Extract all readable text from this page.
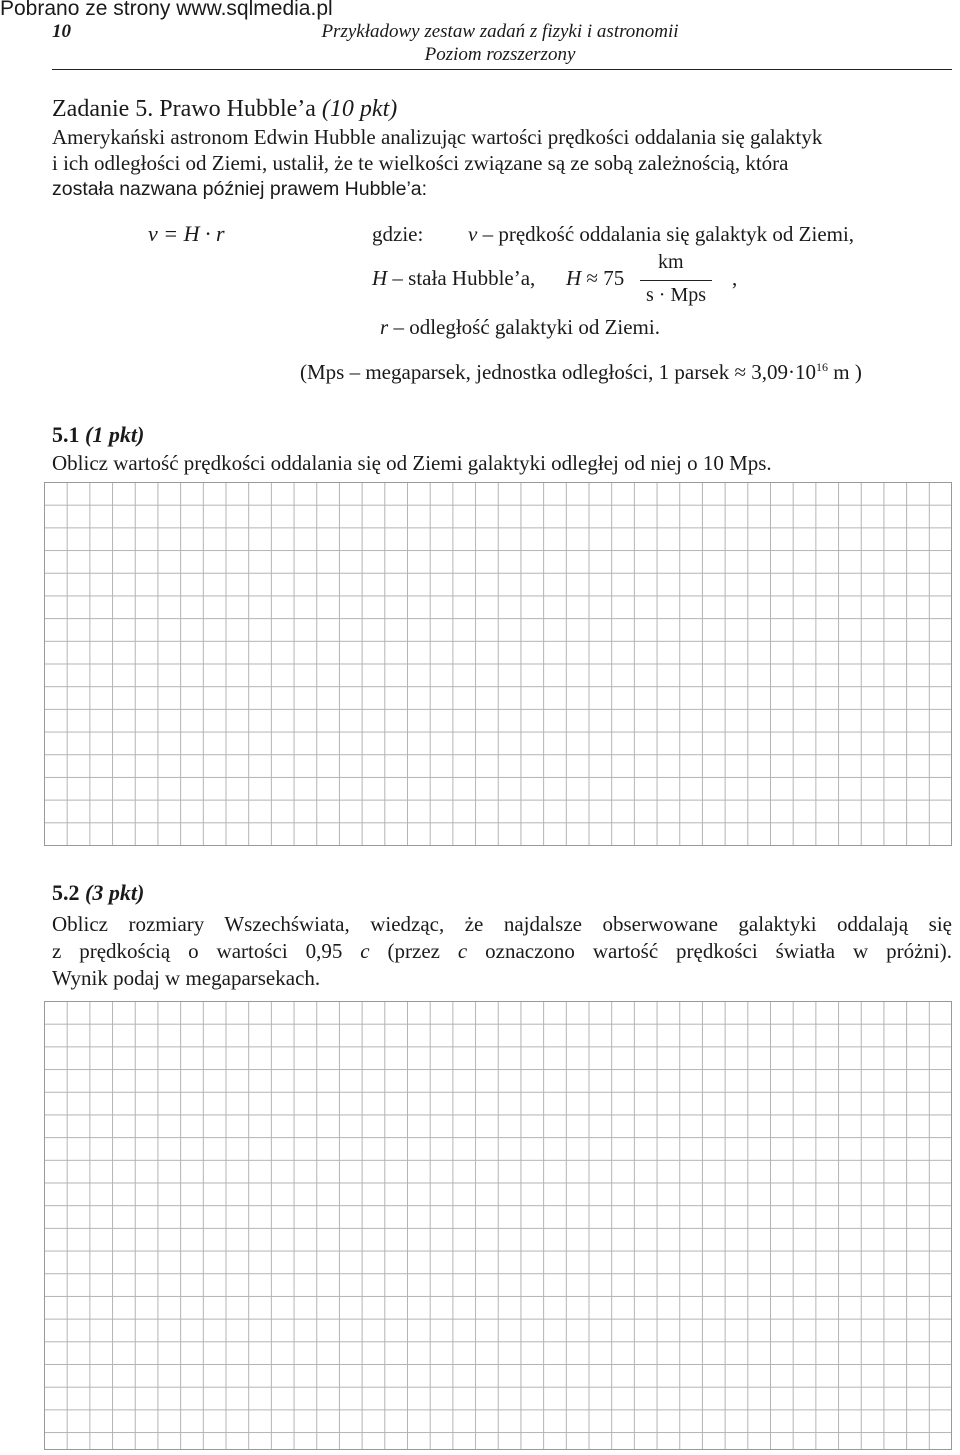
Pobrano ze strony www.sqlmedia.pl
10	Przykładowy zestaw zadań z fizyki i astronomii
Poziom rozszerzony
Zadanie 5. Prawo Hubble’a (10 pkt)
Amerykański astronom Edwin Hubble analizując wartości prędkości oddalania się galaktyk
i ich odległości od Ziemi, ustalił, że te wielkości związane są ze sobą zależnością, która
została nazwana później prawem Hubble’a:
v = H · r	gdzie: v – prędkość oddalania się galaktyk od Ziemi,
H – stała Hubble’a, H ≈ 75
km
s · Mps
,
r – odległość galaktyki od Ziemi.
(Mps – megaparsek, jednostka odległości, 1 parsek ≈ $3,09\cdot 10^{16}$ m )
5.1 (1 pkt)
Oblicz wartość prędkości oddalania się od Ziemi galaktyki odległej od niej o 10 Mps.
5.2 (3 pkt)
Oblicz rozmiary Wszechświata, wiedząc, że najdalsze obserwowane galaktyki oddalają się
z prędkością o wartości 0,95 c (przez c oznaczono wartość prędkości światła w próżni).
Wynik podaj w megaparsekach.
